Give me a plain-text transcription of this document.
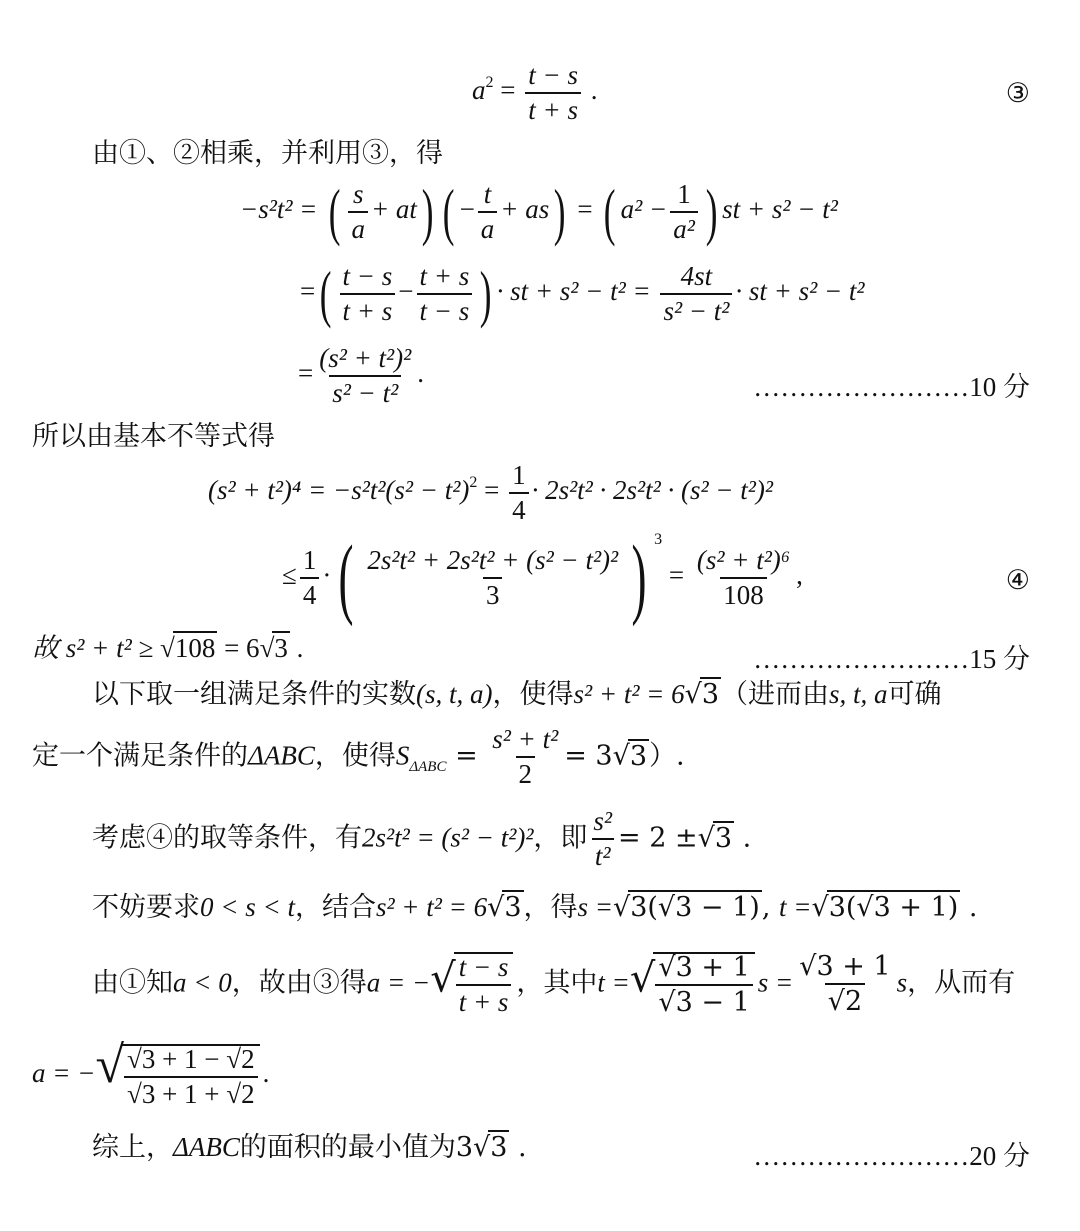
$a^2 = \frac{t - s}{t + s}$ .	③
由①、②相乘，并利用③，得
−s²t² = ( $\frac{s}{a} + at$) ( − $\frac{t}{a} + as$) = ( $a^2 - \frac{1}{\text{a²}}$ ) st + s² − t²
=( $\frac{t - s}{t + s} - \frac{t + s}{t - s}$ ) · st + $s^2 - t^2 = \frac{4st}{\text{s² − t²}}$ · st + s² − t²
= $\frac{\text{(s² + t²)²}}{\text{s² − t²}}$ .	……………………10 分
所以由基本不等式得
$(s^2 + t^2)^4 = -s^2t^2(s^2 - t^2)^2 = \frac{1}{4} \cdot 2s^2t^2 \cdot 2s^2t^2 \cdot (s^2 - t^2)^2$
≤ $\frac{1}{4}$ ·( $\frac{\text{2s²t² + 2s²t² + (s² − t²)²}}{3}$ ) $^3 = \frac{\text{(s² + t²)⁶}}{108}$ ,	④
故 s² + t² ≥ √108 = 6√3 .	……………………15 分
以下取一组满足条件的实数(s, t, a)，使得s² + t² = 6√3（进而由s, t, a可确
定一个满足条件的ΔABC，使得$S_{\Delta ABC} = \frac{\text{s² + t²}}{2} = 3√3$）.
考虑④的取等条件，有2s²t² = (s² − t²)²，即 $\frac{\text{s²}}{\text{t²}} = 2 \pm√3$ .
不妨要求0 < s < t，结合s² + t² = 6√3，得s =√3(√3 − 1), t =√3(√3 + 1) .
由①知a < 0，故由③得a = −√
$\frac{t - s}{t + s}$ ，其中t =√
$\frac{√3 + 1}{√3 - 1}$ $s = \frac{√3 + 1}{√2}$ s，从而有
a = −√
$\frac{√3 + 1 - √2}{√3 + 1 + √2}$ .
综上，ΔABC的面积的最小值为3√3 .	……………………20 分
